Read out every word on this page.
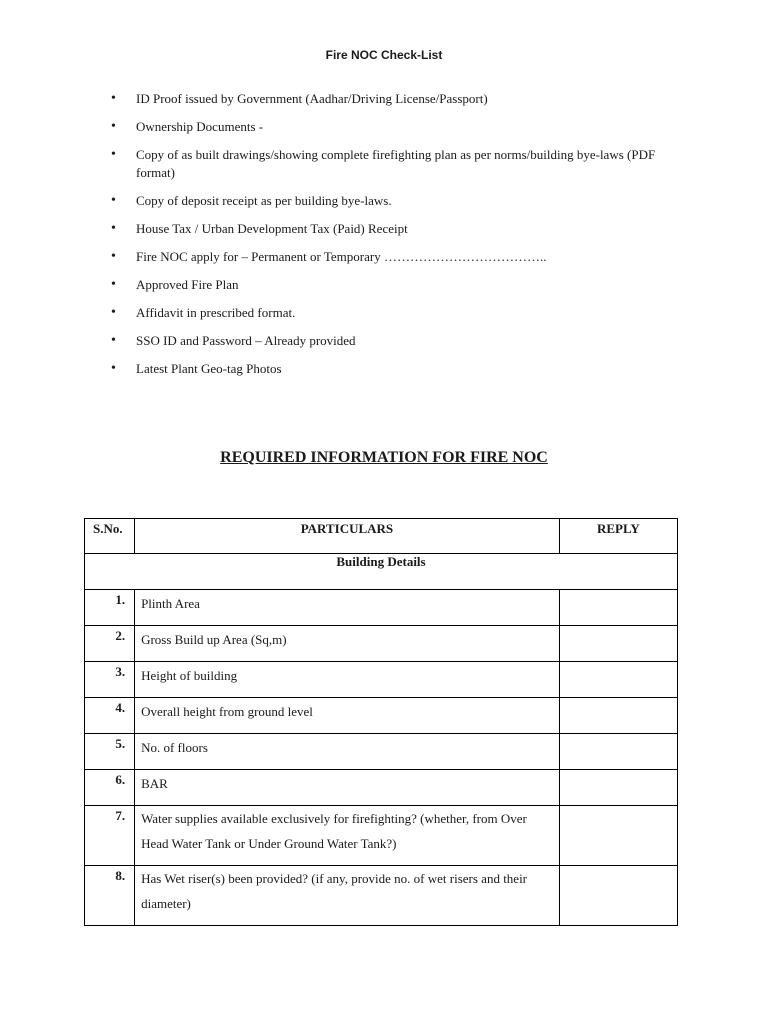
Fire NOC Check-List
• ID Proof issued by Government (Aadhar/Driving License/Passport)
• Ownership Documents -
• Copy of as built drawings/showing complete firefighting plan as per norms/building bye-laws (PDF format)
• Copy of deposit receipt as per building bye-laws.
• House Tax / Urban Development Tax (Paid) Receipt
• Fire NOC apply for – Permanent or Temporary ………………………………..
• Approved Fire Plan
• Affidavit in prescribed format.
• SSO ID and Password – Already provided
• Latest Plant Geo-tag Photos
REQUIRED INFORMATION FOR FIRE NOC
S.No.	PARTICULARS	REPLY
Building Details		
1.	Plinth Area	
2.	Gross Build up Area (Sq,m)	
3.	Height of building	
4.	Overall height from ground level	
5.	No. of floors	
6.	BAR	
7.	Water supplies available exclusively for firefighting? (whether, from Over Head Water Tank or Under Ground Water Tank?)	
8.	Has Wet riser(s) been provided? (if any, provide no. of wet risers and their diameter)	
